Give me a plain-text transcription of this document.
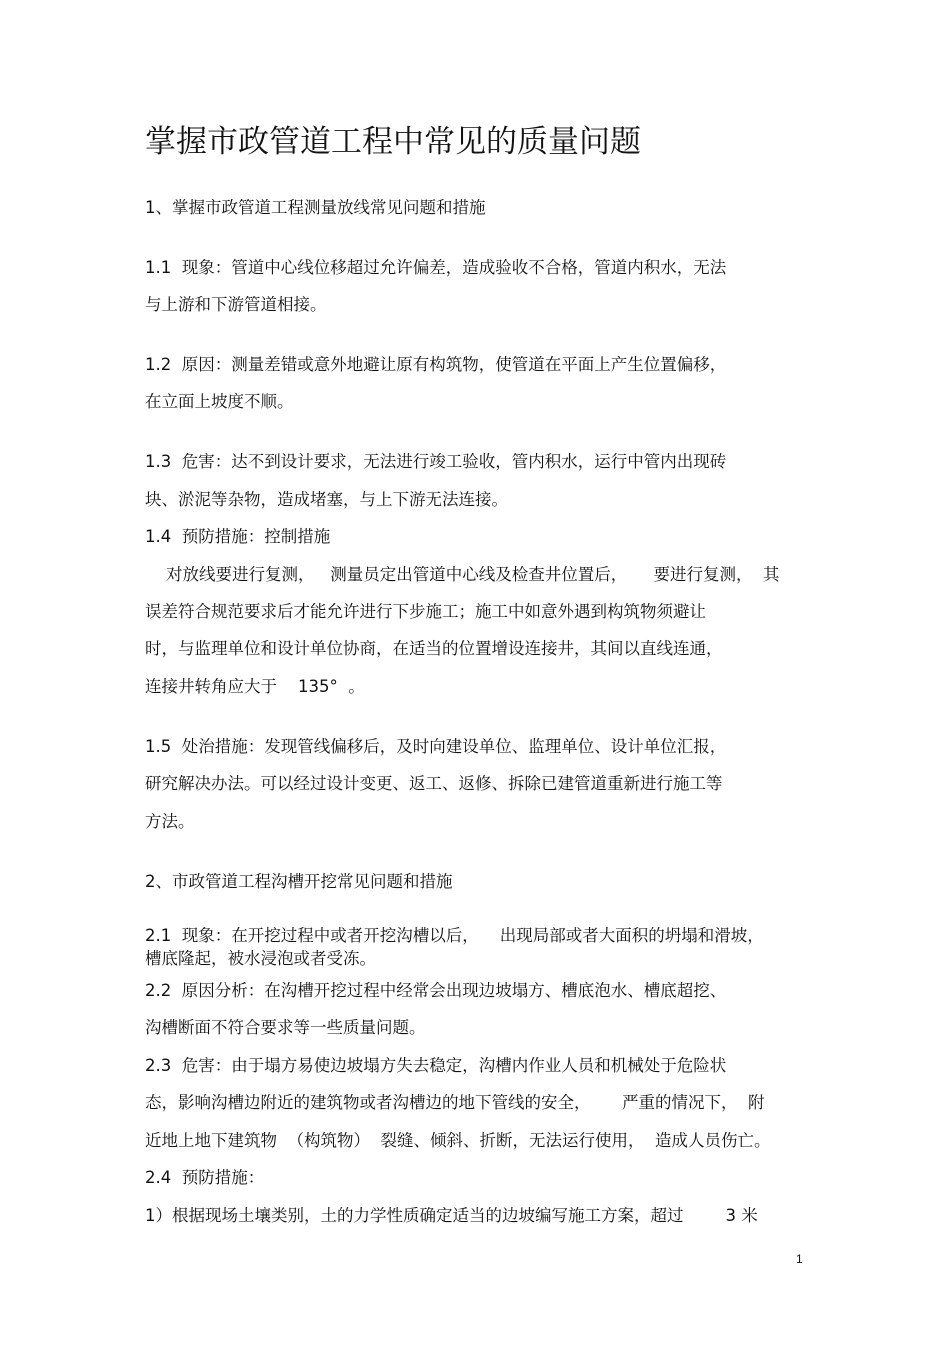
掌握市政管道工程中常见的质量问题
1、掌握市政管道工程测量放线常见问题和措施
1.1  现象：管道中心线位移超过允许偏差，造成验收不合格，管道内积水，无法
与上游和下游管道相接。
1.2  原因：测量差错或意外地避让原有构筑物，使管道在平面上产生位置偏移，
在立面上坡度不顺。
1.3  危害：达不到设计要求，无法进行竣工验收，管内积水，运行中管内出现砖
块、淤泥等杂物，造成堵塞，与上下游无法连接。
1.4  预防措施：控制措施
对放线要进行复测，   测量员定出管道中心线及检查井位置后，     要进行复测，  其
误差符合规范要求后才能允许进行下步施工；施工中如意外遇到构筑物须避让
时，与监理单位和设计单位协商，在适当的位置增设连接井，其间以直线连通，
连接井转角应大于    135°  。
1.5  处治措施：发现管线偏移后，及时向建设单位、监理单位、设计单位汇报，
研究解决办法。可以经过设计变更、返工、返修、拆除已建管道重新进行施工等
方法。
2、市政管道工程沟槽开挖常见问题和措施
2.1  现象：在开挖过程中或者开挖沟槽以后，    出现局部或者大面积的坍塌和滑坡，
槽底隆起，被水浸泡或者受冻。
2.2  原因分析：在沟槽开挖过程中经常会出现边坡塌方、槽底泡水、槽底超挖、
沟槽断面不符合要求等一些质量问题。
2.3  危害：由于塌方易使边坡塌方失去稳定，沟槽内作业人员和机械处于危险状
态，影响沟槽边附近的建筑物或者沟槽边的地下管线的安全，      严重的情况下，  附
近地上地下建筑物  （构筑物）  裂缝、倾斜、折断，无法运行使用，  造成人员伤亡。
2.4  预防措施：
1）根据现场土壤类别，土的力学性质确定适当的边坡编写施工方案，超过        3 米
1
